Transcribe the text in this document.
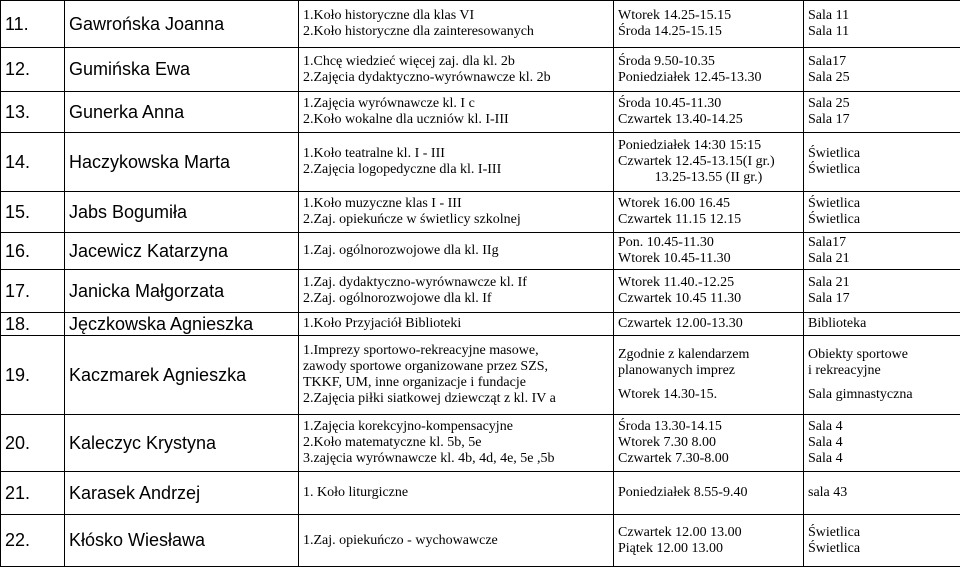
11.	Gawrońska Joanna	1.Koło historyczne dla klas VI
2.Koło historyczne dla zainteresowanych	Wtorek 14.25-15.15
Środa 14.25-15.15	Sala 11
Sala 11

12.	Gumińska Ewa	1.Chcę wiedzieć więcej zaj. dla kl. 2b
2.Zajęcia dydaktyczno-wyrównawcze kl. 2b	Środa 9.50-10.35
Poniedziałek 12.45-13.30	Sala17
Sala 25

13.	Gunerka Anna	1.Zajęcia wyrównawcze kl. I c
2.Koło wokalne dla uczniów kl. I-III	Środa 10.45-11.30
Czwartek 13.40-14.25	Sala 25
Sala 17

14.	Haczykowska Marta	1.Koło teatralne kl. I - III
2.Zajęcia logopedyczne dla kl. I-III	Poniedziałek 14:30 15:15
Czwartek 12.45-13.15(I gr.)
13.25-13.55 (II gr.)	Świetlica
Świetlica

15.	Jabs Bogumiła	1.Koło muzyczne klas I - III
2.Zaj. opiekuńcze w świetlicy szkolnej	Wtorek 16.00 16.45
Czwartek 11.15 12.15	Świetlica
Świetlica

16.	Jacewicz Katarzyna	1.Zaj. ogólnorozwojowe dla kl. IIg	Pon. 10.45-11.30
Wtorek 10.45-11.30	Sala17
Sala 21

17.	Janicka Małgorzata	1.Zaj. dydaktyczno-wyrównawcze kl. If
2.Zaj. ogólnorozwojowe dla kl. If	Wtorek 11.40.-12.25
Czwartek 10.45 11.30	Sala 21
Sala 17

18.	Jęczkowska Agnieszka	1.Koło Przyjaciół Biblioteki	Czwartek 12.00-13.30	Biblioteka

19.	Kaczmarek Agnieszka	1.Imprezy sportowo-rekreacyjne masowe,
zawody sportowe organizowane przez SZS,
TKKF, UM, inne organizacje i fundacje
2.Zajęcia piłki siatkowej dziewcząt z kl. IV a	Zgodnie z kalendarzem
planowanych imprez
Wtorek 14.30-15.	Obiekty sportowe
i rekreacyjne
Sala gimnastyczna

20.	Kaleczyc Krystyna	1.Zajęcia korekcyjno-kompensacyjne
2.Koło matematyczne kl. 5b, 5e
3.zajęcia wyrównawcze kl. 4b, 4d, 4e, 5e ,5b	Środa 13.30-14.15
Wtorek 7.30 8.00
Czwartek 7.30-8.00	Sala 4
Sala 4
Sala 4

21.	Karasek Andrzej	1. Koło liturgiczne	Poniedziałek 8.55-9.40	sala 43

22.	Kłósko Wiesława	1.Zaj. opiekuńczo - wychowawcze	Czwartek 12.00 13.00
Piątek 12.00 13.00	Świetlica
Świetlica
